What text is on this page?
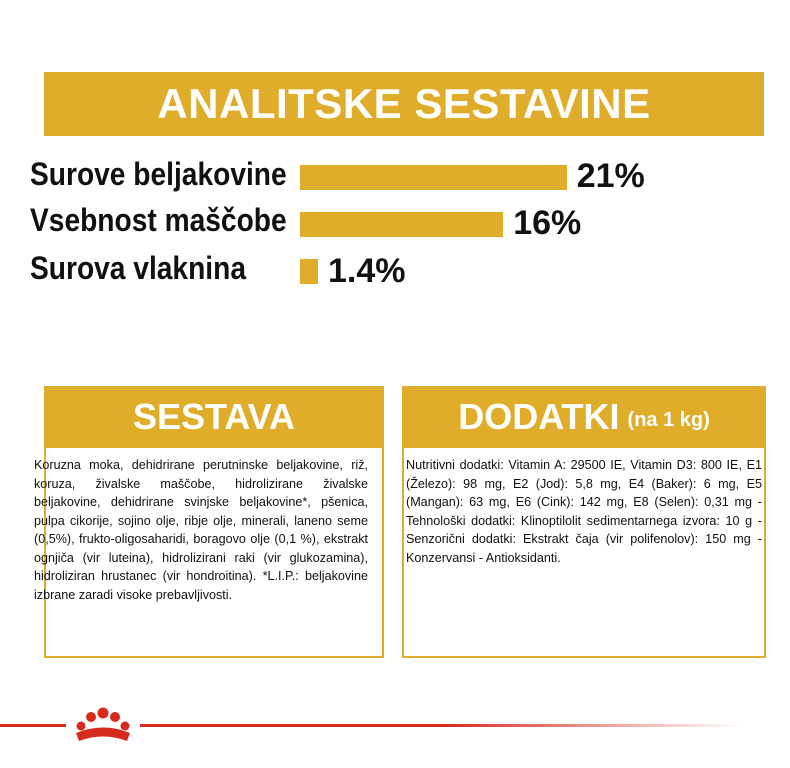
ANALITSKE SESTAVINE
Surove beljakovine	21%
Vsebnost maščobe	16%
Surova vlaknina 1.4%
SESTAVA
Koruzna moka, dehidrirane perutninske beljakovine, riž, koruza, živalske maščobe, hidrolizirane živalske beljakovine, dehidrirane svinjske beljakovine*, pšenica, pulpa cikorije, sojino olje, ribje olje, minerali, laneno seme (0,5%), frukto-oligosaharidi, boragovo olje (0,1 %), ekstrakt ognjiča (vir luteina), hidrolizirani raki (vir glukozamina), hidroliziran hrustanec (vir hondroitina). *L.I.P.: beljakovine izbrane zaradi visoke prebavljivosti.
DODATKI (na 1 kg)
Nutritivni dodatki: Vitamin A: 29500 IE, Vitamin D3: 800 IE, E1 (Železo): 98 mg, E2 (Jod): 5,8 mg, E4 (Baker): 6 mg, E5 (Mangan): 63 mg, E6 (Cink): 142 mg, E8 (Selen): 0,31 mg - Tehnološki dodatki: Klinoptilolit sedimentarnega izvora: 10 g - Senzorični dodatki: Ekstrakt čaja (vir polifenolov): 150 mg - Konzervansi - Antioksidanti.
